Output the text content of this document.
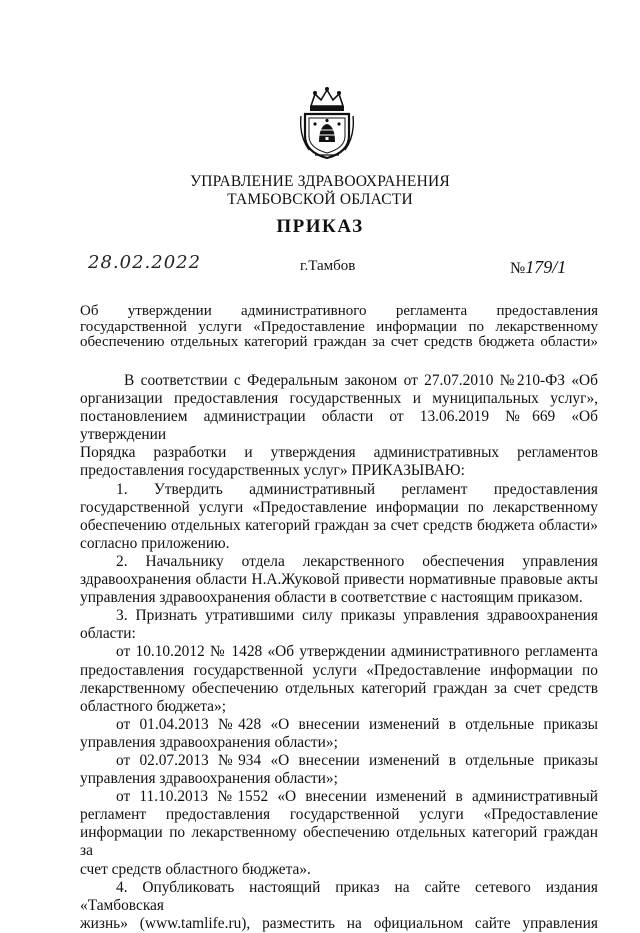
УПРАВЛЕНИЕ ЗДРАВООХРАНЕНИЯ
ТАМБОВСКОЙ ОБЛАСТИ
ПРИКАЗ
28.02.2022	г.Тамбов	№179/1

Об утверждении административного регламента предоставления

государственной услуги «Предоставление информации по лекарственному

обеспечению отдельных категорий граждан за счет средств бюджета области»

В соответствии с Федеральным законом от 27.07.2010 №210-ФЗ «Об

организации предоставления государственных и муниципальных услуг»,

постановлением администрации области от 13.06.2019 №669 «Об утверждении

Порядка разработки и утверждения административных регламентов

предоставления государственных услуг» ПРИКАЗЫВАЮ:

1. Утвердить административный регламент предоставления

государственной услуги «Предоставление информации по лекарственному

обеспечению отдельных категорий граждан за счет средств бюджета области»

согласно приложению.

2. Начальнику отдела лекарственного обеспечения управления

здравоохранения области Н.А.Жуковой привести нормативные правовые акты

управления здравоохранения области в соответствие с настоящим приказом.

3. Признать утратившими силу приказы управления здравоохранения

области:

от 10.10.2012 № 1428 «Об утверждении административного регламента

предоставления государственной услуги «Предоставление информации по

лекарственному обеспечению отдельных категорий граждан за счет средств

областного бюджета»;

от 01.04.2013 №428 «О внесении изменений в отдельные приказы

управления здравоохранения области»;

от 02.07.2013 №934 «О внесении изменений в отдельные приказы

управления здравоохранения области»;

от 11.10.2013 №1552 «О внесении изменений в административный

регламент предоставления государственной услуги «Предоставление

информации по лекарственному обеспечению отдельных категорий граждан за

счет средств областного бюджета».

4. Опубликовать настоящий приказ на сайте сетевого издания «Тамбовская

жизнь» (www.tamlife.ru), разместить на официальном сайте управления
